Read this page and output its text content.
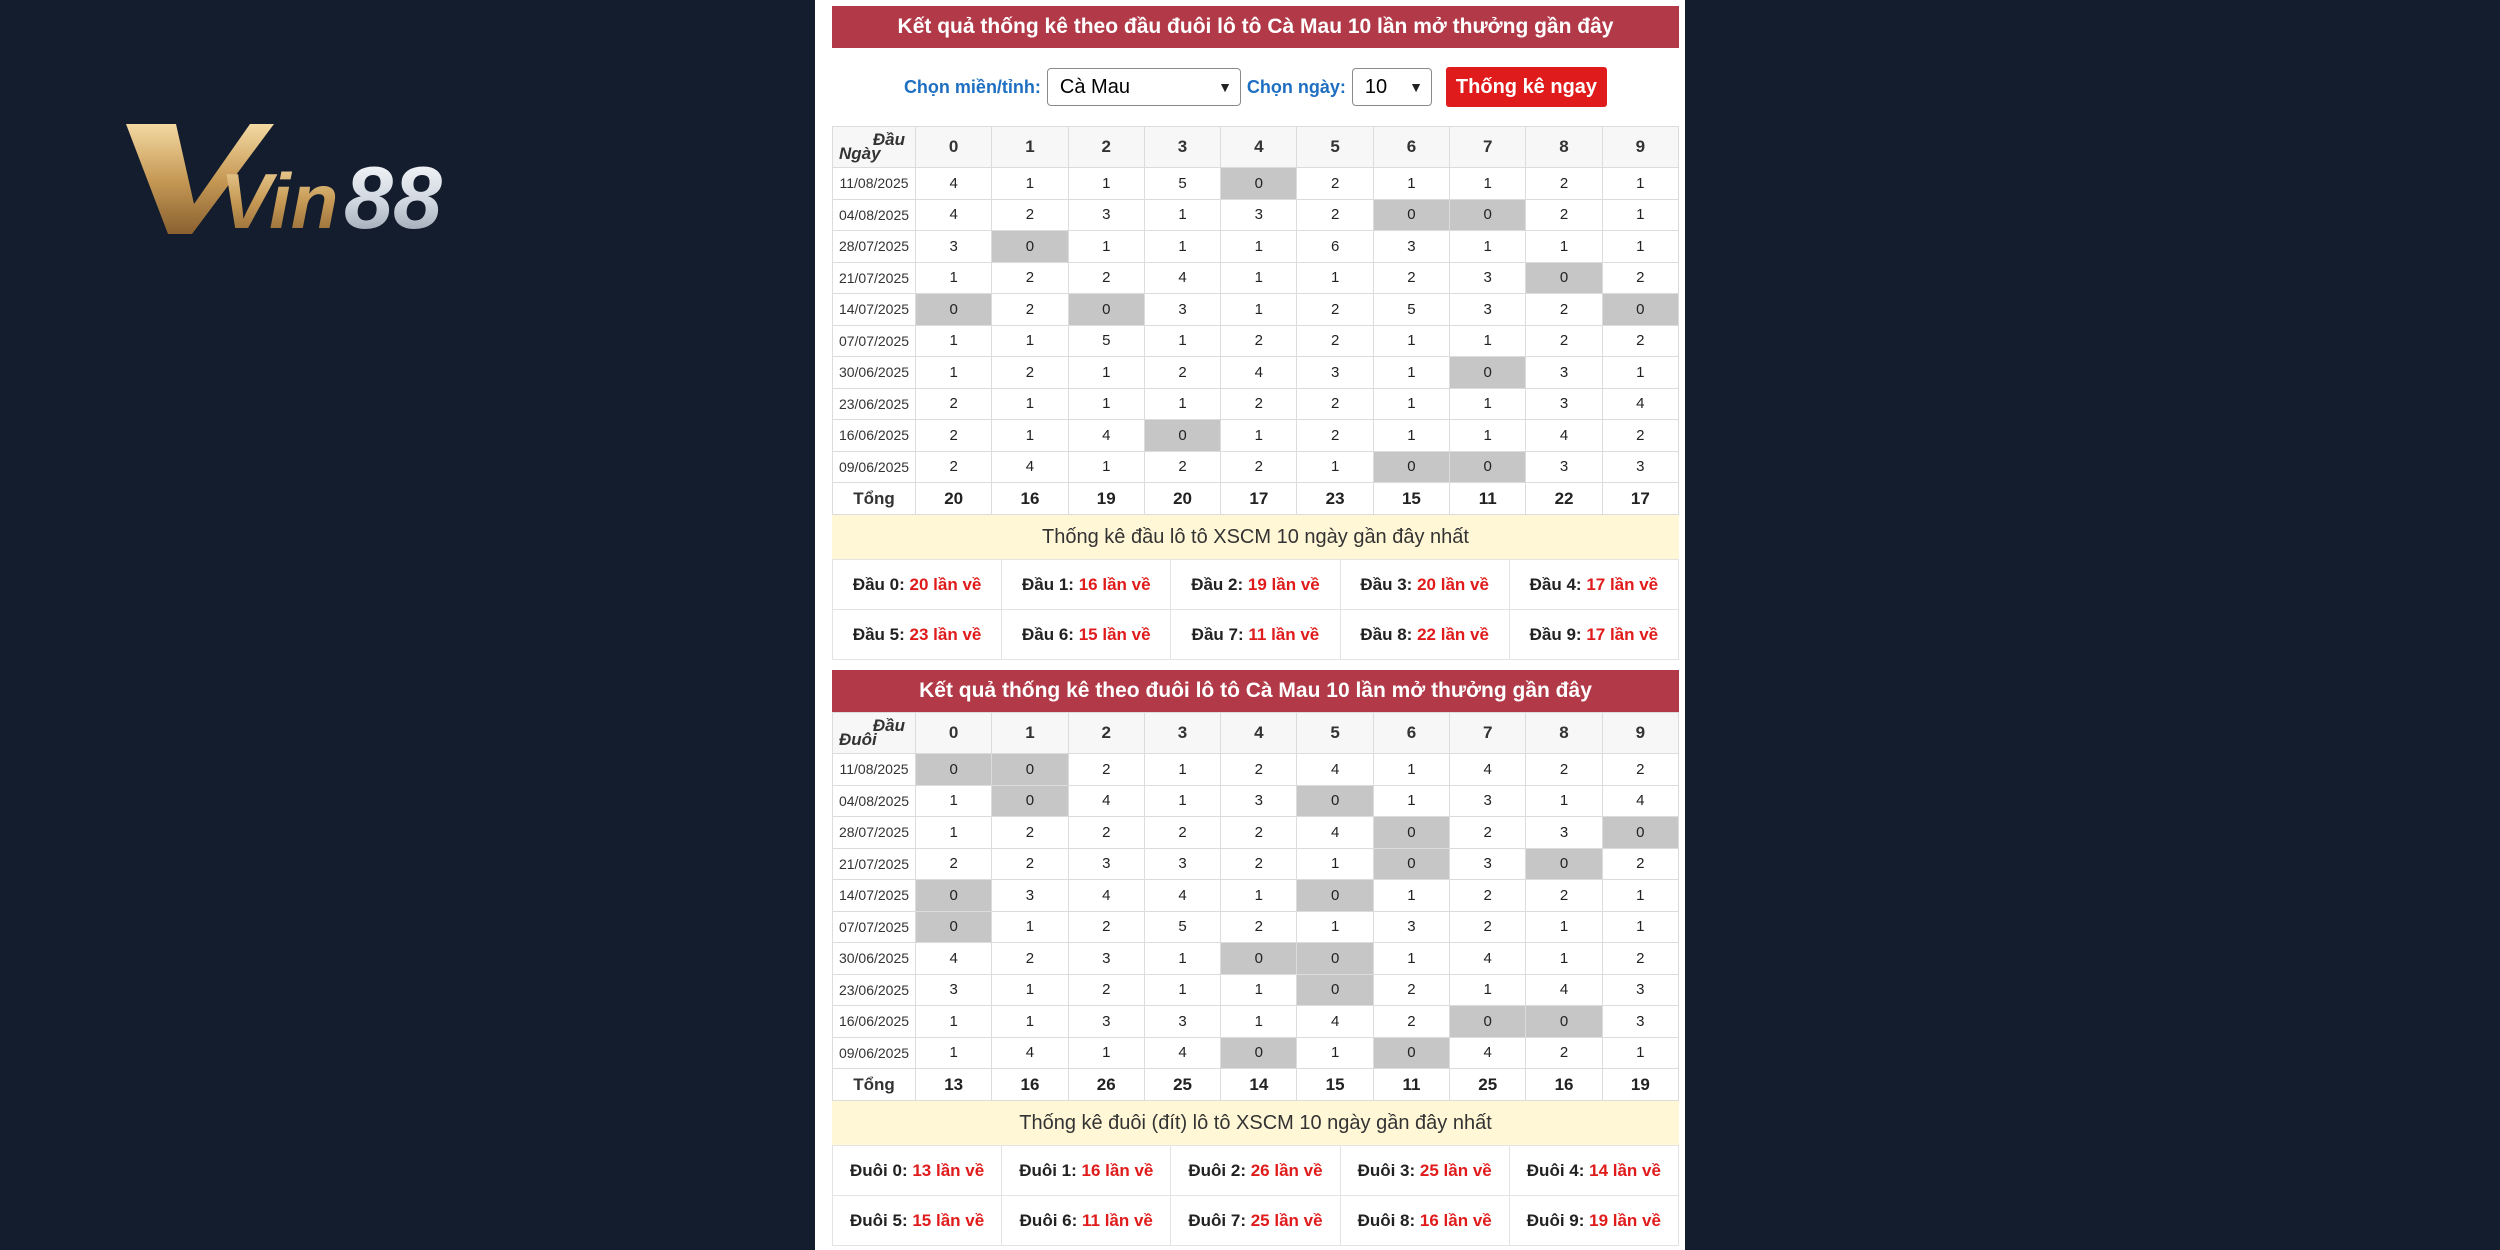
Vin 88
Kết quả thống kê theo đầu đuôi lô tô Cà Mau 10 lần mở thưởng gần đây
Chọn miền/tỉnh: Cà Mau	▼ Chọn ngày: 10 ▼	Thống kê ngay
Đầu
Ngày	0	1	2	3	4	5	6	7	8	9
11/08/2025	4	1	1	5	0	2	1	1	2	1
04/08/2025	4	2	3	1	3	2	0	0	2	1
28/07/2025	3	0	1	1	1	6	3	1	1	1
21/07/2025	1	2	2	4	1	1	2	3	0	2
14/07/2025	0	2	0	3	1	2	5	3	2	0
07/07/2025	1	1	5	1	2	2	1	1	2	2
30/06/2025	1	2	1	2	4	3	1	0	3	1
23/06/2025	2	1	1	1	2	2	1	1	3	4
16/06/2025	2	1	4	0	1	2	1	1	4	2
09/06/2025	2	4	1	2	2	1	0	0	3	3
Tổng	20	16	19	20	17	23	15	11	22	17
Thống kê đầu lô tô XSCM 10 ngày gần đây nhất
Đầu 0: 20 lần về	Đầu 1: 16 lần về	Đầu 2: 19 lần về	Đầu 3: 20 lần về	Đầu 4: 17 lần về
Đầu 5: 23 lần về	Đầu 6: 15 lần về	Đầu 7: 11 lần về	Đầu 8: 22 lần về	Đầu 9: 17 lần về
Kết quả thống kê theo đuôi lô tô Cà Mau 10 lần mở thưởng gần đây
Đầu
Đuôi	0	1	2	3	4	5	6	7	8	9
11/08/2025	0	0	2	1	2	4	1	4	2	2
04/08/2025	1	0	4	1	3	0	1	3	1	4
28/07/2025	1	2	2	2	2	4	0	2	3	0
21/07/2025	2	2	3	3	2	1	0	3	0	2
14/07/2025	0	3	4	4	1	0	1	2	2	1
07/07/2025	0	1	2	5	2	1	3	2	1	1
30/06/2025	4	2	3	1	0	0	1	4	1	2
23/06/2025	3	1	2	1	1	0	2	1	4	3
16/06/2025	1	1	3	3	1	4	2	0	0	3
09/06/2025	1	4	1	4	0	1	0	4	2	1
Tổng	13	16	26	25	14	15	11	25	16	19
Thống kê đuôi (đít) lô tô XSCM 10 ngày gần đây nhất
Đuôi 0: 13 lần về	Đuôi 1: 16 lần về	Đuôi 2: 26 lần về	Đuôi 3: 25 lần về	Đuôi 4: 14 lần về
Đuôi 5: 15 lần về	Đuôi 6: 11 lần về	Đuôi 7: 25 lần về	Đuôi 8: 16 lần về	Đuôi 9: 19 lần về
